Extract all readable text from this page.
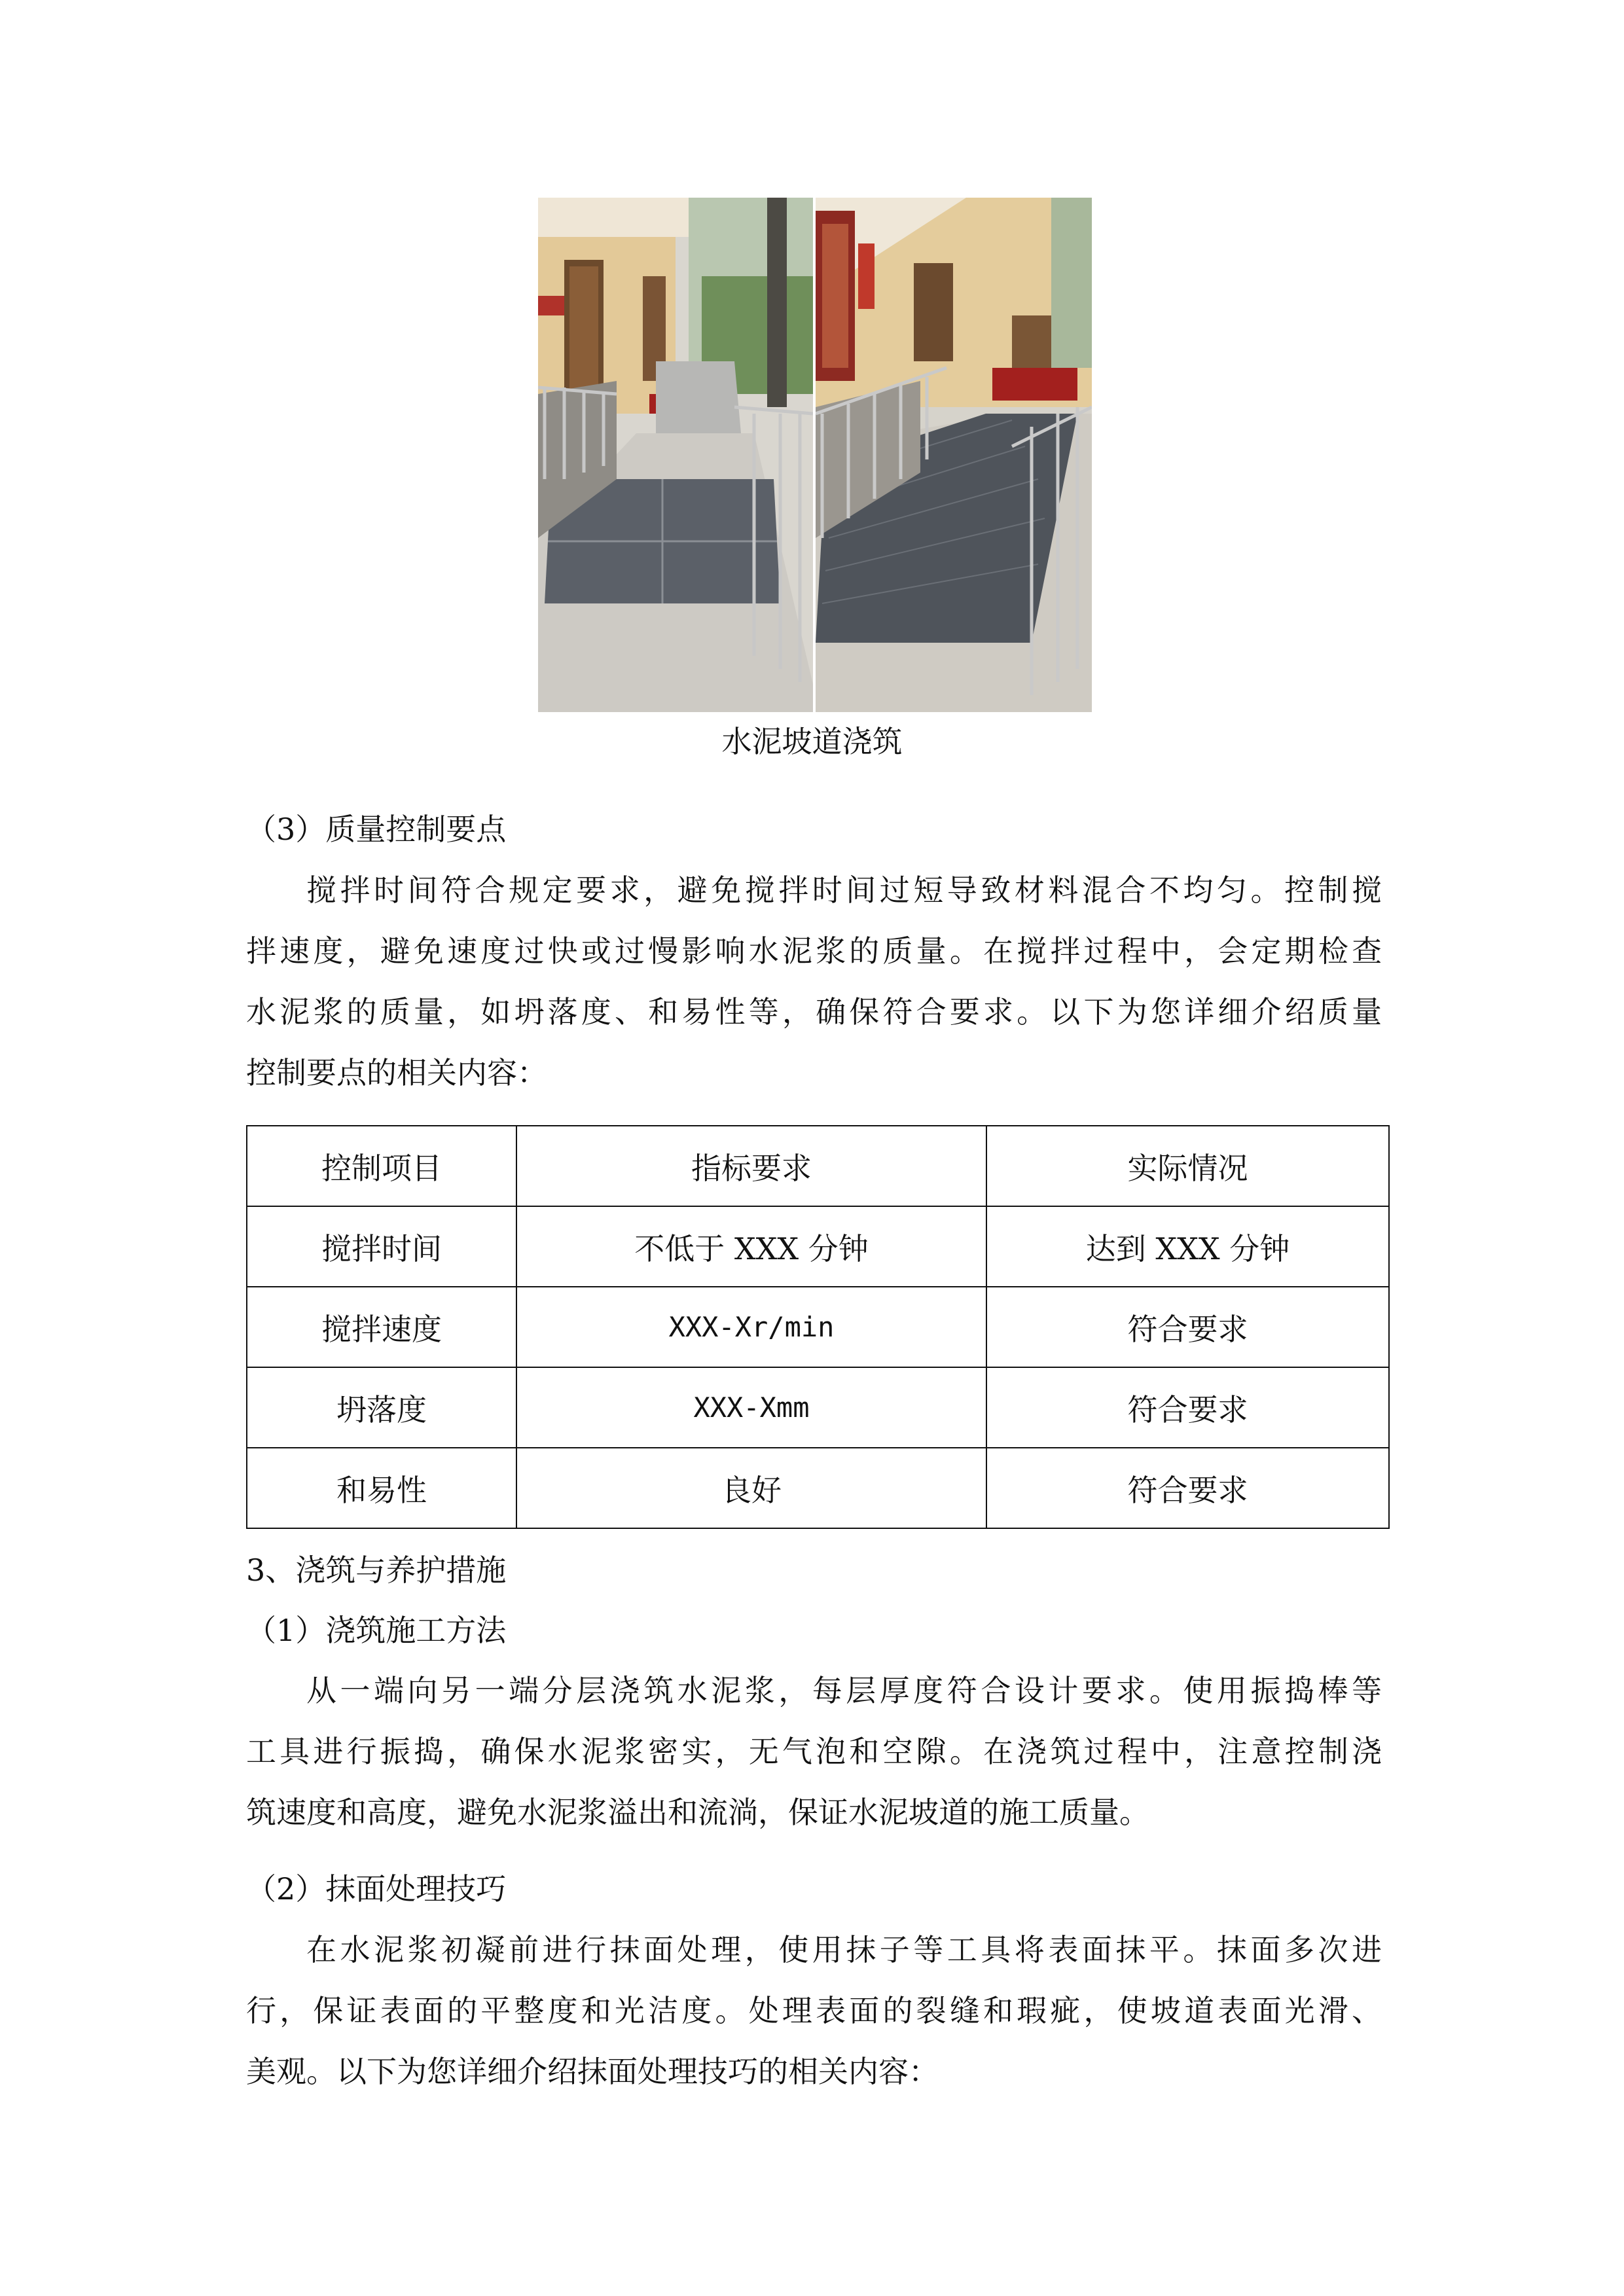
水泥坡道浇筑
（3）质量控制要点
搅拌时间符合规定要求，避免搅拌时间过短导致材料混合不均匀。控制搅
拌速度，避免速度过快或过慢影响水泥浆的质量。在搅拌过程中，会定期检查
水泥浆的质量，如坍落度、和易性等，确保符合要求。以下为您详细介绍质量
控制要点的相关内容：
控制项目	指标要求	实际情况
搅拌时间	不低于 XXX 分钟	达到 XXX 分钟
搅拌速度	XXX-Xr/min	符合要求
坍落度	XXX-Xmm	符合要求
和易性	良好	符合要求
3、浇筑与养护措施
（1）浇筑施工方法
从一端向另一端分层浇筑水泥浆，每层厚度符合设计要求。使用振捣棒等
工具进行振捣，确保水泥浆密实，无气泡和空隙。在浇筑过程中，注意控制浇
筑速度和高度，避免水泥浆溢出和流淌，保证水泥坡道的施工质量。
（2）抹面处理技巧
在水泥浆初凝前进行抹面处理，使用抹子等工具将表面抹平。抹面多次进
行，保证表面的平整度和光洁度。处理表面的裂缝和瑕疵，使坡道表面光滑、
美观。以下为您详细介绍抹面处理技巧的相关内容：
